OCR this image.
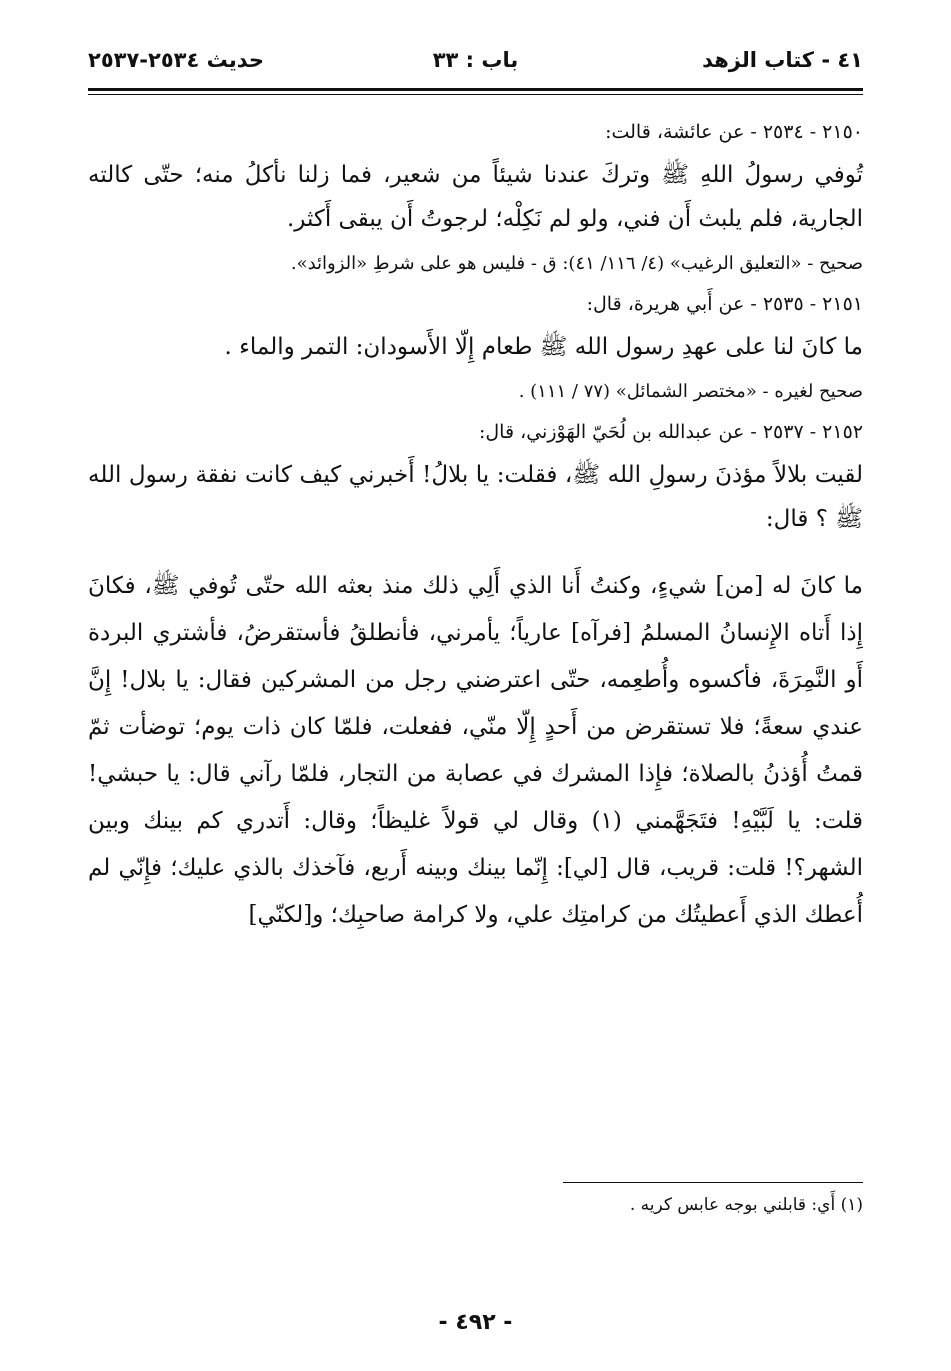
٤١ - كتاب الزهد
باب : ٣٣
حديث ٢٥٣٤-٢٥٣٧

٢١٥٠ - ٢٥٣٤ - عن عائشة، قالت:

تُوفي رسولُ اللهِ ﷺ وتركَ عندنا شيئاً من شعير، فما زلنا نأكلُ منه؛ حتّى كالته الجارية، فلم يلبث أَن فني، ولو لم نَكِلْه؛ لرجوتُ أَن يبقى أَكثر.

صحيح - «التعليق الرغيب» (٤/ ١١٦/ ٤١): ق - فليس هو على شرطِ «الزوائد».

٢١٥١ - ٢٥٣٥ - عن أَبي هريرة، قال:

ما كانَ لنا على عهدِ رسول الله ﷺ طعام إِلّا الأَسودان: التمر والماء .

صحيح لغيره - «مختصر الشمائل» (٧٧ / ١١١) .

٢١٥٢ - ٢٥٣٧ - عن عبدالله بن لُحَيّ الهَوْزني، قال:

لقيت بلالاً مؤذنَ رسولِ الله ﷺ، فقلت: يا بلالُ! أَخبرني كيف كانت نفقة رسول الله ﷺ ؟ قال:

ما كانَ له [من] شيءٍ، وكنتُ أَنا الذي أَلِي ذلك منذ بعثه الله حتّى تُوفي ﷺ، فكانَ إِذا أَتاه الإِنسانُ المسلمُ [فرآه] عارياً؛ يأمرني، فأنطلقُ فأستقرضُ، فأشتري البردة أَو النَّمِرَةَ، فأكسوه وأُطعِمه، حتّى اعترضني رجل من المشركين فقال: يا بلال! إِنَّ عندي سعةً؛ فلا تستقرض من أَحدٍ إِلّا منّي، ففعلت، فلمّا كان ذات يوم؛ توضأت ثمّ قمتُ أُؤذنُ بالصلاة؛ فإِذا المشرك في عصابة من التجار، فلمّا رآني قال: يا حبشي! قلت: يا لَبَّيْهِ! فتَجَهَّمني (١) وقال لي قولاً غليظاً؛ وقال: أَتدري كم بينك وبين الشهر؟! قلت: قريب، قال [لي]: إِنّما بينك وبينه أَربع، فآخذك بالذي عليك؛ فإِنّي لم أُعطك الذي أَعطيتُك من كرامتِك علي، ولا كرامة صاحبِك؛ و[لكنّي]

(١) أَي: قابلني بوجه عابس كريه .
- ٤٩٢ -
